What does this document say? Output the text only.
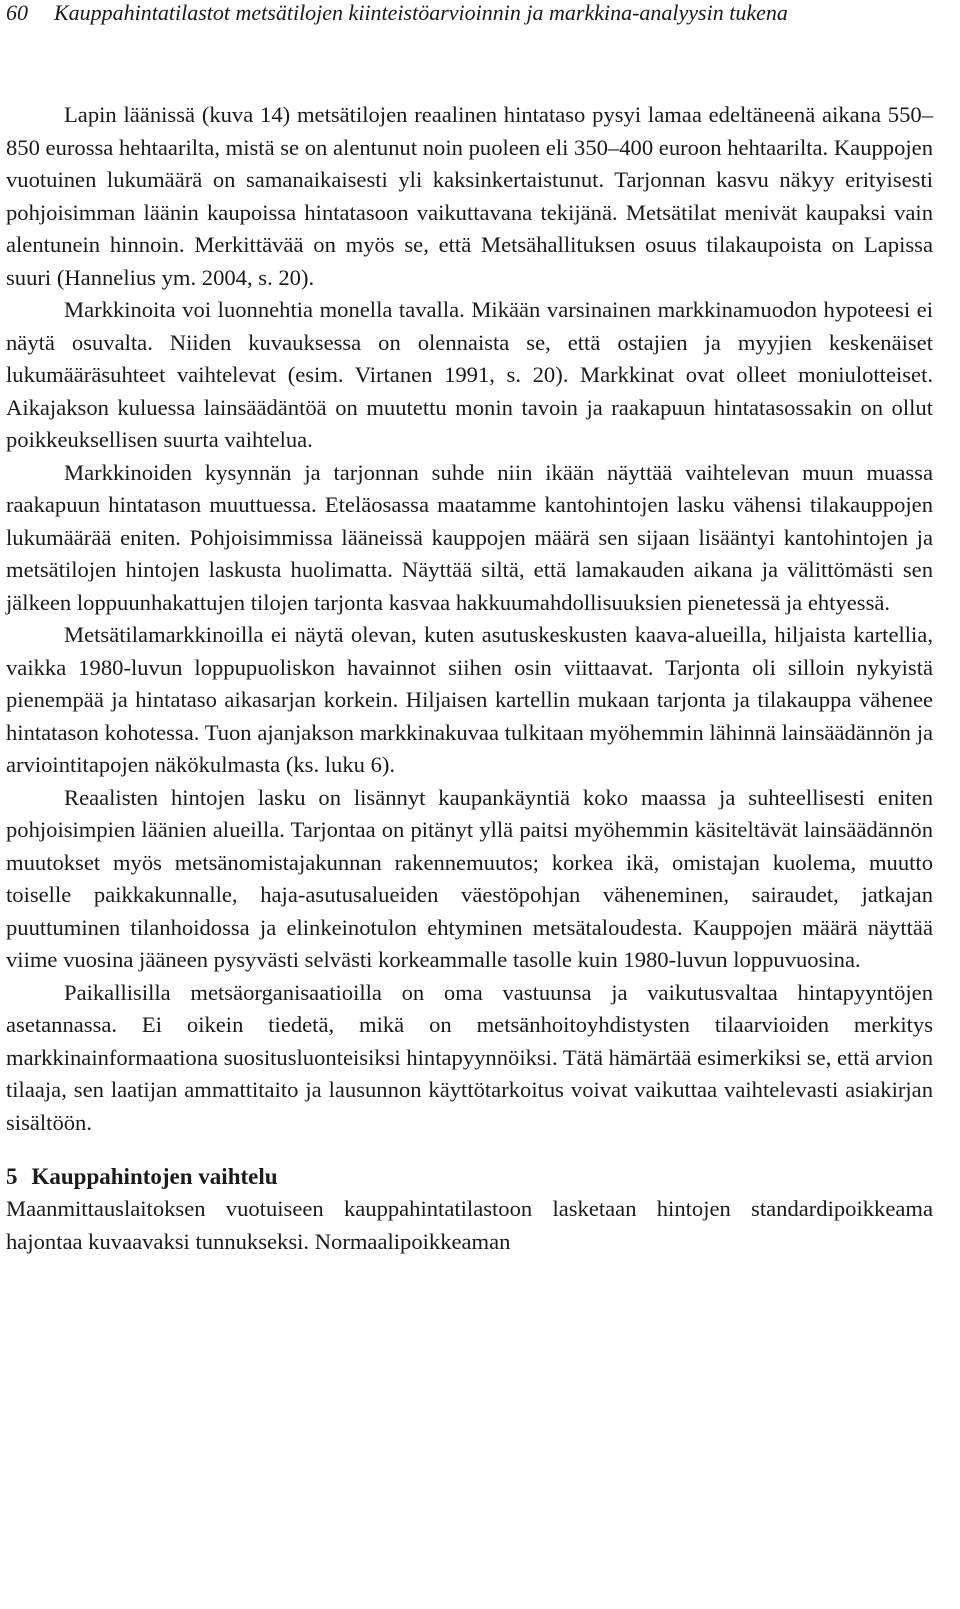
60 Kauppahintatilastot metsätilojen kiinteistöarvioinnin ja markkina-analyysin tukena

Lapin läänissä (kuva 14) metsätilojen reaalinen hintataso pysyi lamaa edeltäneenä aikana 550–850 eurossa hehtaarilta, mistä se on alentunut noin puoleen eli 350–400 euroon hehtaarilta. Kauppojen vuotuinen lukumäärä on samanaikaisesti yli kaksinkertaistunut. Tarjonnan kasvu näkyy erityisesti pohjoisimman läänin kaupoissa hintatasoon vaikuttavana tekijänä. Metsätilat menivät kaupaksi vain alentunein hinnoin. Merkittävää on myös se, että Metsähallituksen osuus tilakaupoista on Lapissa suuri (Hannelius ym. 2004, s. 20).

Markkinoita voi luonnehtia monella tavalla. Mikään varsinainen markkinamuodon hypoteesi ei näytä osuvalta. Niiden kuvauksessa on olennaista se, että ostajien ja myyjien keskenäiset lukumääräsuhteet vaihtelevat (esim. Virtanen 1991, s. 20). Markkinat ovat olleet moniulotteiset. Aikajakson kuluessa lainsäädäntöä on muutettu monin tavoin ja raakapuun hintatasossakin on ollut poikkeuksellisen suurta vaihtelua.

Markkinoiden kysynnän ja tarjonnan suhde niin ikään näyttää vaihtelevan muun muassa raakapuun hintatason muuttuessa. Eteläosassa maatamme kantohintojen lasku vähensi tilakauppojen lukumäärää eniten. Pohjoisimmissa lääneissä kauppojen määrä sen sijaan lisääntyi kantohintojen ja metsätilojen hintojen laskusta huolimatta. Näyttää siltä, että lamakauden aikana ja välittömästi sen jälkeen loppuunhakattujen tilojen tarjonta kasvaa hakkuumahdollisuuksien pienetessä ja ehtyessä.

Metsätilamarkkinoilla ei näytä olevan, kuten asutuskeskusten kaava-alueilla, hiljaista kartellia, vaikka 1980-luvun loppupuoliskon havainnot siihen osin viittaavat. Tarjonta oli silloin nykyistä pienempää ja hintataso aikasarjan korkein. Hiljaisen kartellin mukaan tarjonta ja tilakauppa vähenee hintatason kohotessa. Tuon ajanjakson markkinakuvaa tulkitaan myöhemmin lähinnä lainsäädännön ja arviointitapojen näkökulmasta (ks. luku 6).

Reaalisten hintojen lasku on lisännyt kaupankäyntiä koko maassa ja suhteellisesti eniten pohjoisimpien läänien alueilla. Tarjontaa on pitänyt yllä paitsi myöhemmin käsiteltävät lainsäädännön muutokset myös metsänomistajakunnan rakennemuutos; korkea ikä, omistajan kuolema, muutto toiselle paikkakunnalle, haja-asutusalueiden väestöpohjan väheneminen, sairaudet, jatkajan puuttuminen tilanhoidossa ja elinkeinotulon ehtyminen metsätaloudesta. Kauppojen määrä näyttää viime vuosina jääneen pysyvästi selvästi korkeammalle tasolle kuin 1980-luvun loppuvuosina.

Paikallisilla metsäorganisaatioilla on oma vastuunsa ja vaikutusvaltaa hintapyyntöjen asetannassa. Ei oikein tiedetä, mikä on metsänhoitoyhdistysten tilaarvioiden merkitys markkinainformaationa suositusluonteisiksi hintapyynnöiksi. Tätä hämärtää esimerkiksi se, että arvion tilaaja, sen laatijan ammattitaito ja lausunnon käyttötarkoitus voivat vaikuttaa vaihtelevasti asiakirjan sisältöön.

5 Kauppahintojen vaihtelu

Maanmittauslaitoksen vuotuiseen kauppahintatilastoon lasketaan hintojen standardipoikkeama hajontaa kuvaavaksi tunnukseksi. Normaalipoikkeaman
